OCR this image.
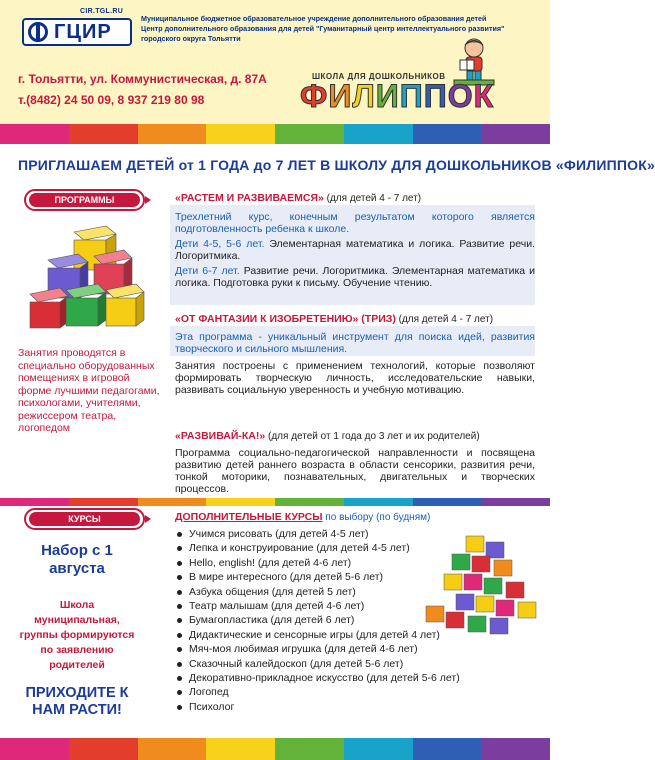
CIR.TGL.RU
ГЦИР
Муниципальное бюджетное образовательное учреждение дополнительного образования детей
Центр дополнительного образования для детей "Гуманитарный центр интеллектуального развития"
городского округа Тольятти
г. Тольятти, ул. Коммунистическая, д. 87А
т.(8482) 24 50 09, 8 937 219 80 98
ШКОЛА ДЛЯ ДОШКОЛЬНИКОВ
ФИЛИППОК
ПРИГЛАШАЕМ ДЕТЕЙ от 1 ГОДА до 7 ЛЕТ В ШКОЛУ ДЛЯ ДОШКОЛЬНИКОВ «ФИЛИППОК»
ПРОГРАММЫ
Занятия проводятся в специально оборудованных помещениях в игровой форме лучшими педагогами, психологами, учителями, режиссером театра, логопедом
«РАСТЕМ И РАЗВИВАЕМСЯ» (для детей 4 - 7 лет)
Трехлетний курс, конечным результатом которого является подготовленность ребенка к школе.
Дети 4-5, 5-6 лет. Элементарная математика и логика. Развитие речи. Логоритмика.
Дети 6-7 лет. Развитие речи. Логоритмика. Элементарная математика и логика. Подготовка руки к письму. Обучение чтению.
«ОТ ФАНТАЗИИ К ИЗОБРЕТЕНИЮ» (ТРИЗ) (для детей 4 - 7 лет)
Эта программа - уникальный инструмент для поиска идей, развития творческого и сильного мышления.
Занятия построены с применением технологий, которые позволяют формировать творческую личность, исследовательские навыки, развивать социальную уверенность и учебную мотивацию.
«РАЗВИВАЙ-КА!» (для детей от 1 года до 3 лет и их родителей)
Программа социально-педагогической направленности и посвящена развитию детей раннего возраста в области сенсорики, развития речи, тонкой моторики, познавательных, двигательных и творческих процессов.
КУРСЫ
Набор с 1 августа
Школа муниципальная, группы формируются по заявлению родителей
ПРИХОДИТЕ К НАМ РАСТИ!
ДОПОЛНИТЕЛЬНЫЕ КУРСЫ по выбору (по будням)
Учимся рисовать (для детей 4-5 лет)
Лепка и конструирование (для детей 4-5 лет)
Hello, english! (для детей 4-6 лет)
В мире интересного (для детей 5-6 лет)
Азбука общения (для детей 5 лет)
Театр малышам (для детей 4-6 лет)
Бумагопластика (для детей 6 лет)
Дидактические и сенсорные игры (для детей 4 лет)
Мяч-моя любимая игрушка (для детей 4-6 лет)
Сказочный калейдоскоп (для детей 5-6 лет)
Декоративно-прикладное искусство (для детей 5-6 лет)
Логопед
Психолог
